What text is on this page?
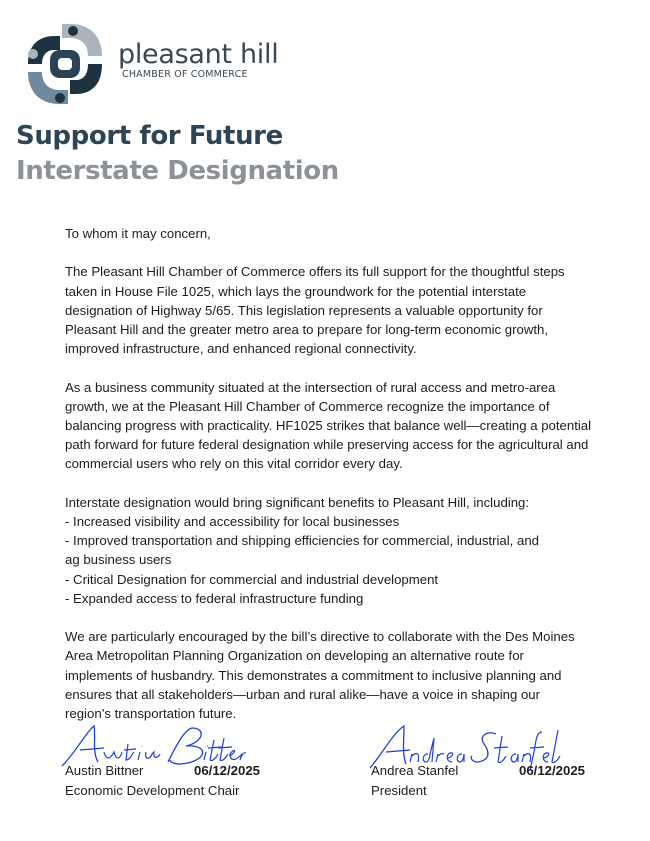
pleasant hill
CHAMBER OF COMMERCE
Support for Future
Interstate Designation

To whom it may concern,

The Pleasant Hill Chamber of Commerce offers its full support for the thoughtful steps taken in House File 1025, which lays the groundwork for the potential interstate designation of Highway 5/65. This legislation represents a valuable opportunity for Pleasant Hill and the greater metro area to prepare for long-term economic growth, improved infrastructure, and enhanced regional connectivity.

As a business community situated at the intersection of rural access and metro-area growth, we at the Pleasant Hill Chamber of Commerce recognize the importance of balancing progress with practicality. HF1025 strikes that balance well—creating a potential path forward for future federal designation while preserving access for the agricultural and commercial users who rely on this vital corridor every day.

Interstate designation would bring significant benefits to Pleasant Hill, including:
- Increased visibility and accessibility for local businesses
- Improved transportation and shipping efficiencies for commercial, industrial, and ag business users
- Critical Designation for commercial and industrial development
- Expanded access to federal infrastructure funding

We are particularly encouraged by the bill’s directive to collaborate with the Des Moines Area Metropolitan Planning Organization on developing an alternative route for implements of husbandry. This demonstrates a commitment to inclusive planning and ensures that all stakeholders—urban and rural alike—have a voice in shaping our region’s transportation future.

Austin Bittner	06/12/2025
Economic Development Chair
Andrea Stanfel	06/12/2025
President
